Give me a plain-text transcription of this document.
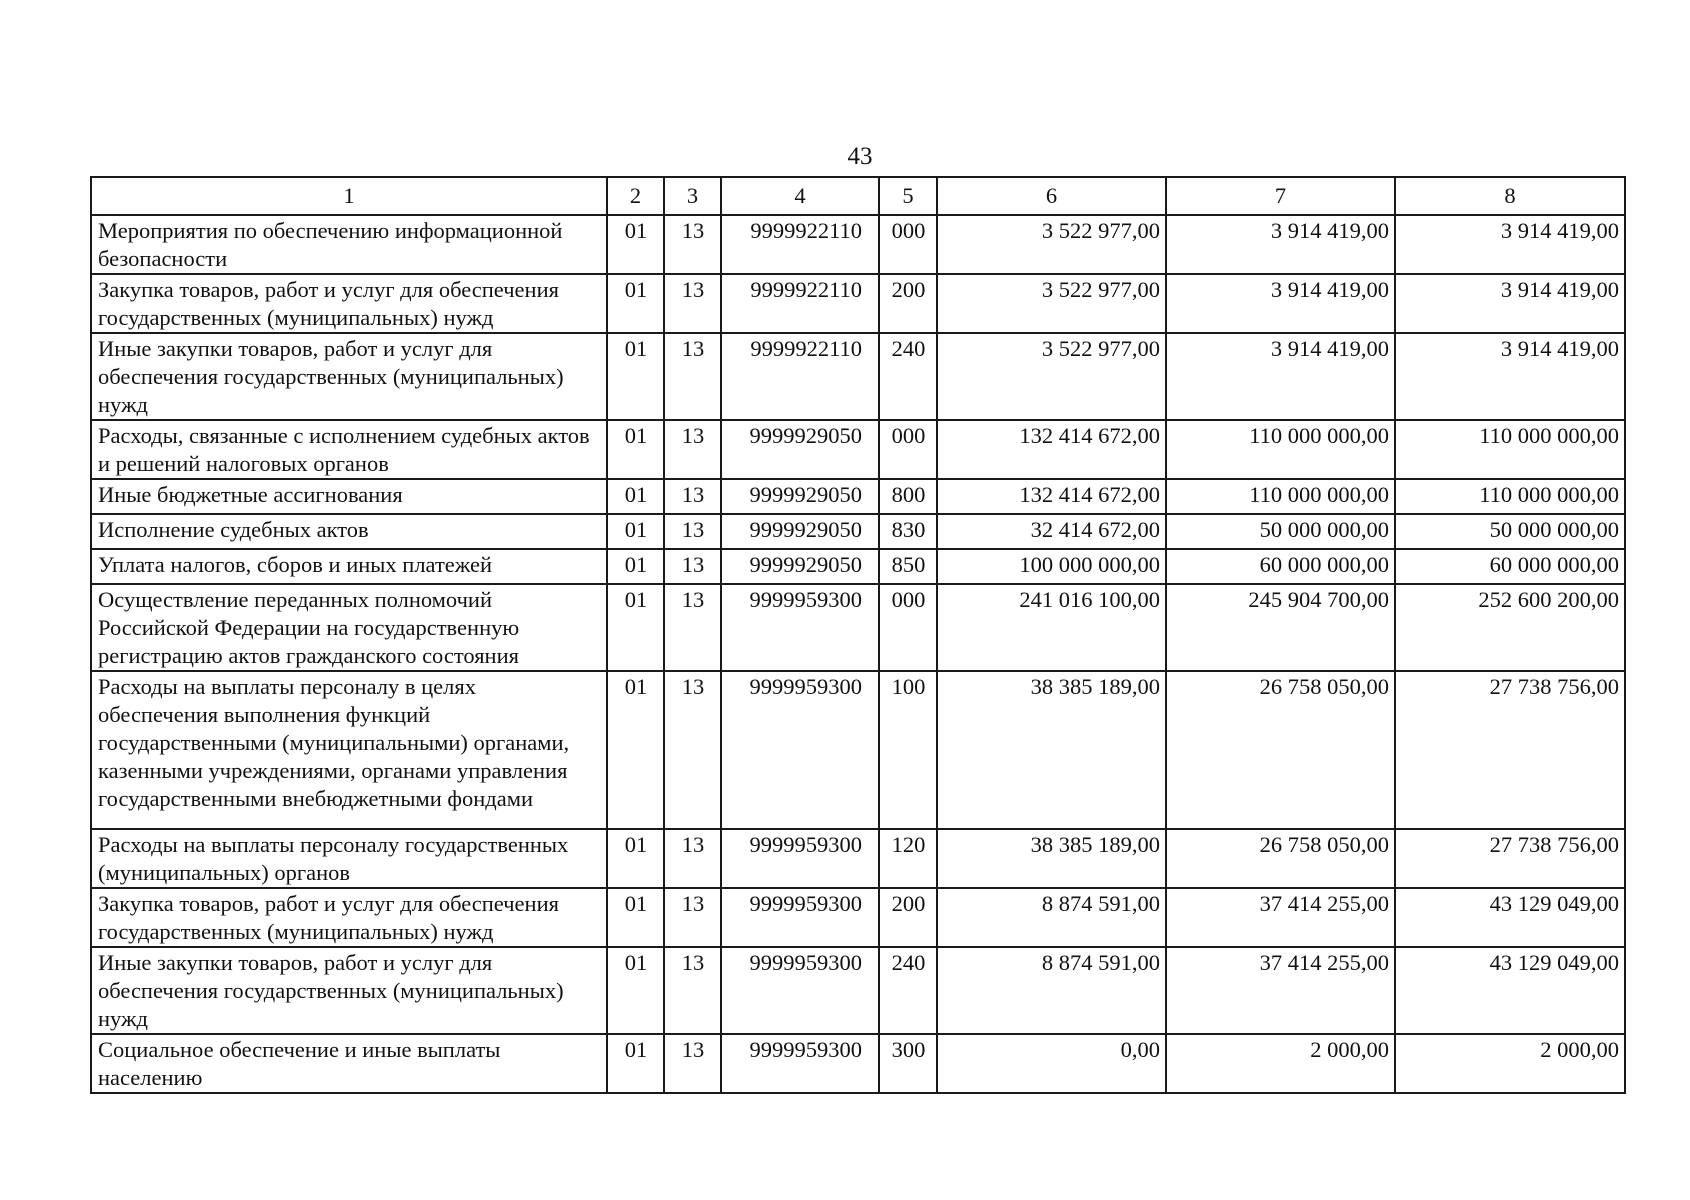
43
1	2	3	4	5	6	7	8
Мероприятия по обеспечению информационной безопасности	01	13	9999922110	000	3 522 977,00	3 914 419,00	3 914 419,00
Закупка товаров, работ и услуг для обеспечения государственных (муниципальных) нужд	01	13	9999922110	200	3 522 977,00	3 914 419,00	3 914 419,00
Иные закупки товаров, работ и услуг для обеспечения государственных (муниципальных) нужд	01	13	9999922110	240	3 522 977,00	3 914 419,00	3 914 419,00
Расходы, связанные с исполнением судебных актов и решений налоговых органов	01	13	9999929050	000	132 414 672,00	110 000 000,00	110 000 000,00
Иные бюджетные ассигнования	01	13	9999929050	800	132 414 672,00	110 000 000,00	110 000 000,00
Исполнение судебных актов	01	13	9999929050	830	32 414 672,00	50 000 000,00	50 000 000,00
Уплата налогов, сборов и иных платежей	01	13	9999929050	850	100 000 000,00	60 000 000,00	60 000 000,00
Осуществление переданных полномочий Российской Федерации на государственную регистрацию актов гражданского состояния	01	13	9999959300	000	241 016 100,00	245 904 700,00	252 600 200,00
Расходы на выплаты персоналу в целях обеспечения выполнения функций государственными (муниципальными) органами, казенными учреждениями, органами управления государственными внебюджетными фондами	01	13	9999959300	100	38 385 189,00	26 758 050,00	27 738 756,00
Расходы на выплаты персоналу государственных (муниципальных) органов	01	13	9999959300	120	38 385 189,00	26 758 050,00	27 738 756,00
Закупка товаров, работ и услуг для обеспечения государственных (муниципальных) нужд	01	13	9999959300	200	8 874 591,00	37 414 255,00	43 129 049,00
Иные закупки товаров, работ и услуг для обеспечения государственных (муниципальных) нужд	01	13	9999959300	240	8 874 591,00	37 414 255,00	43 129 049,00
Социальное обеспечение и иные выплаты населению	01	13	9999959300	300	0,00	2 000,00	2 000,00
